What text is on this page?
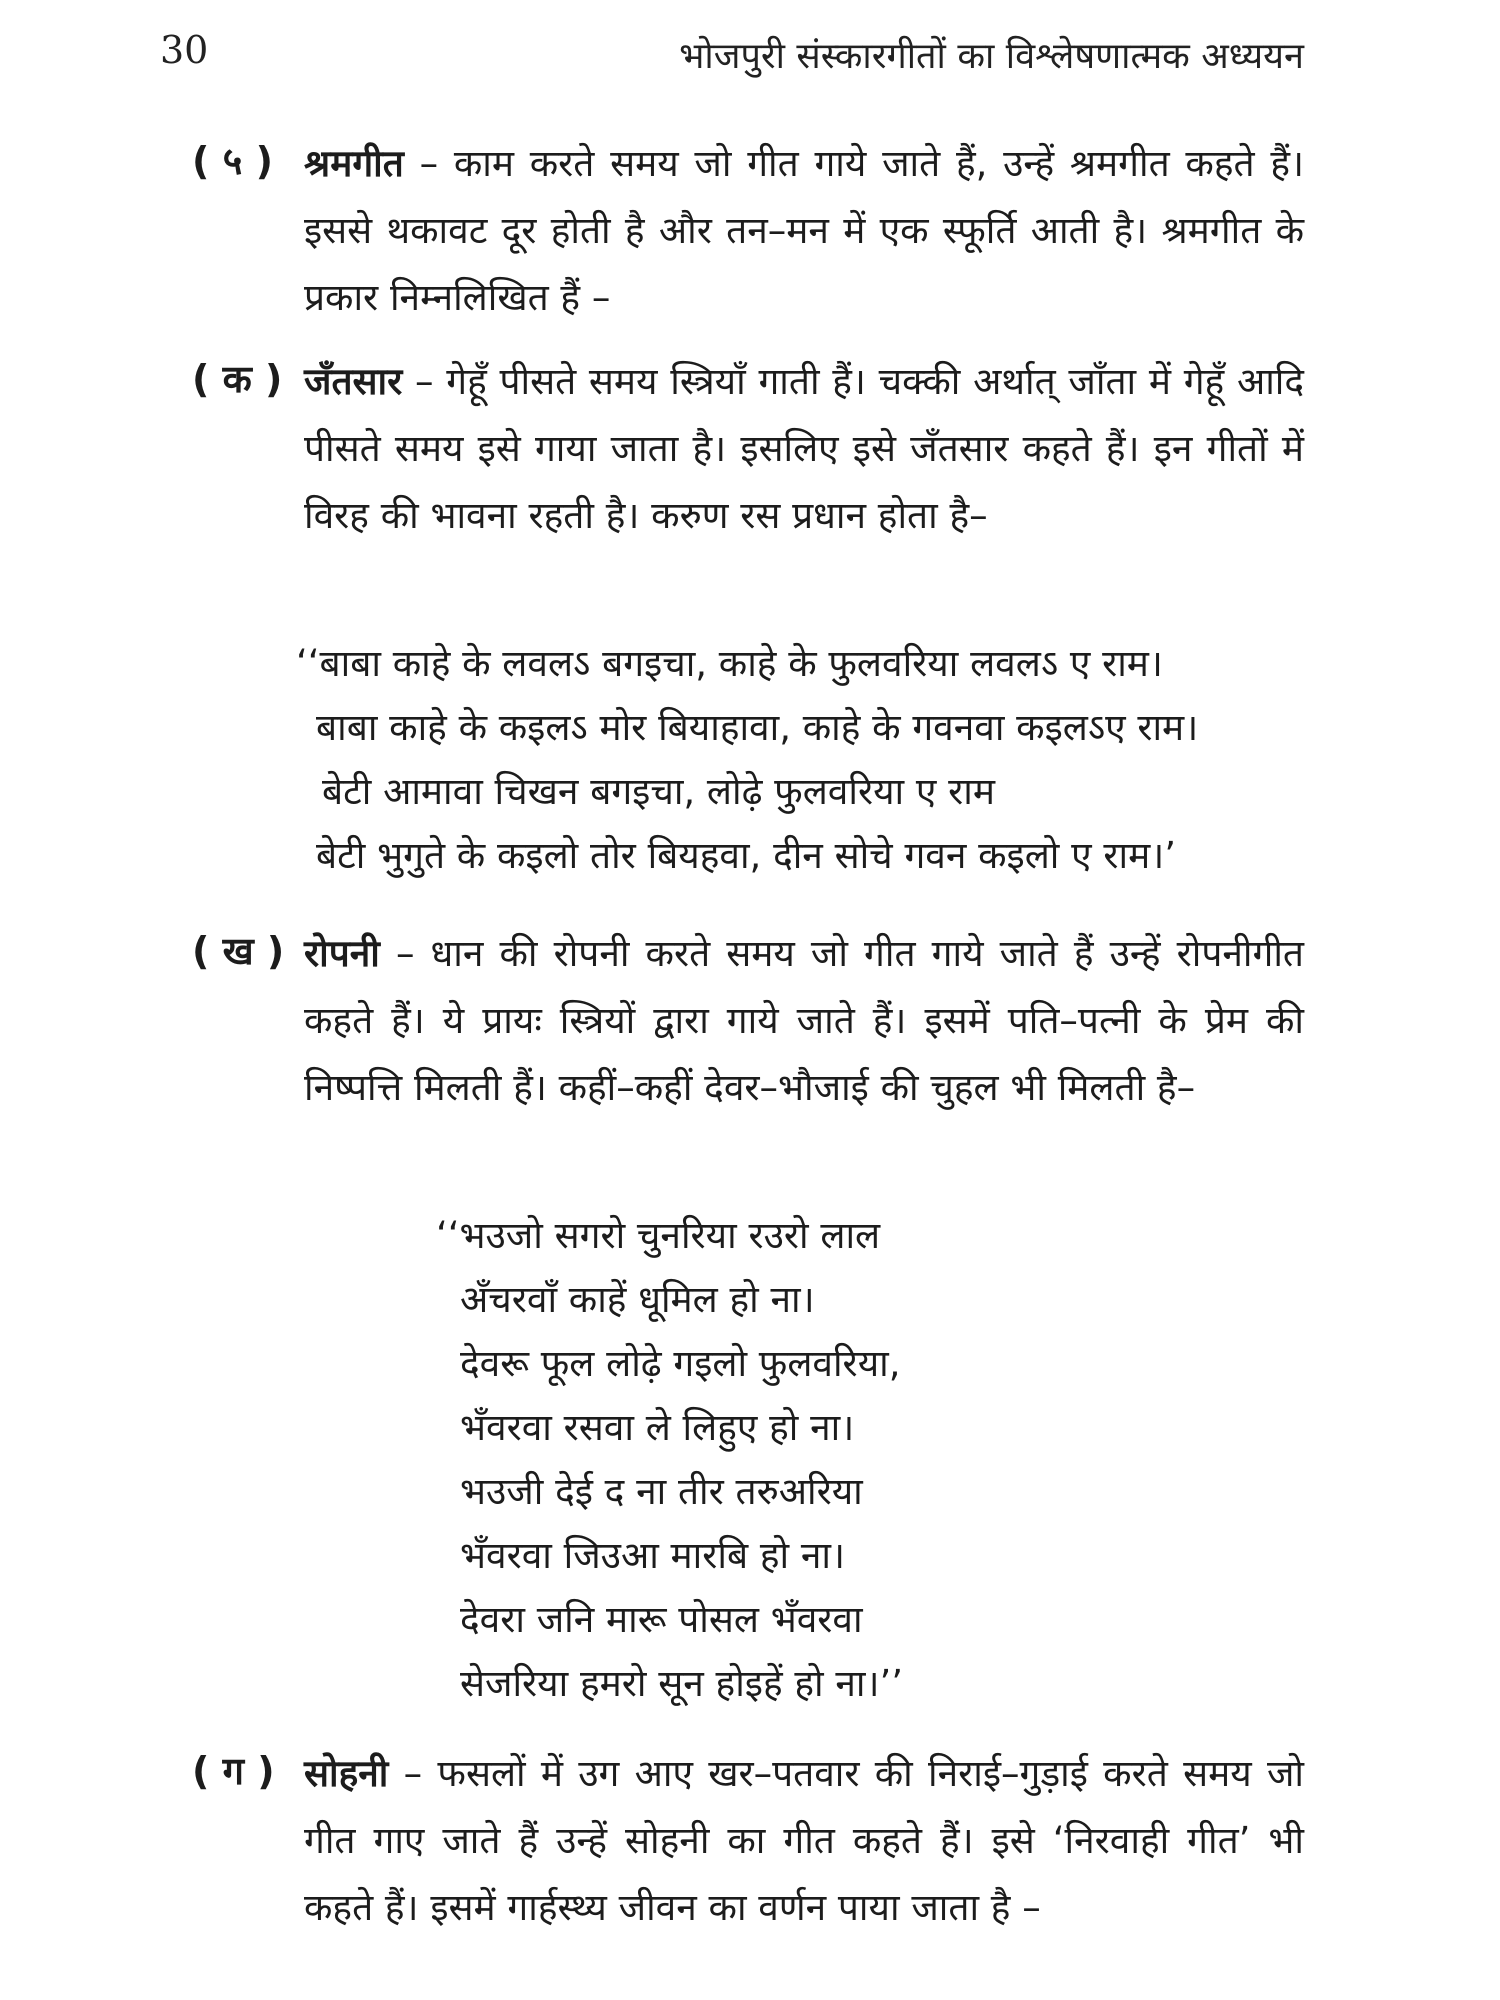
30	भोजपुरी संस्कारगीतों का विश्लेषणात्मक अध्ययन
( ५ ) श्रमगीत – काम करते समय जो गीत गाये जाते हैं, उन्हें श्रमगीत कहते हैं। इससे थकावट दूर होती है और तन–मन में एक स्फूर्ति आती है। श्रमगीत के प्रकार निम्नलिखित हैं –
( क ) जँतसार – गेहूँ पीसते समय स्त्रियाँ गाती हैं। चक्की अर्थात् जाँता में गेहूँ आदि पीसते समय इसे गाया जाता है। इसलिए इसे जँतसार कहते हैं। इन गीतों में विरह की भावना रहती है। करुण रस प्रधान होता है–
‘‘बाबा काहे के लवलऽ बगइचा, काहे के फुलवरिया लवलऽ ए राम।
बाबा काहे के कइलऽ मोर बियाहावा, काहे के गवनवा कइलऽए राम।
बेटी आमावा चिखन बगइचा, लोढ़े फुलवरिया ए राम
बेटी भुगुते के कइलो तोर बियहवा, दीन सोचे गवन कइलो ए राम।’
( ख ) रोपनी – धान की रोपनी करते समय जो गीत गाये जाते हैं उन्हें रोपनीगीत कहते हैं। ये प्रायः स्त्रियों द्वारा गाये जाते हैं। इसमें पति–पत्नी के प्रेम की निष्पत्ति मिलती हैं। कहीं–कहीं देवर–भौजाई की चुहल भी मिलती है–
‘‘भउजो सगरो चुनरिया रउरो लाल
अँचरवाँ काहें धूमिल हो ना।
देवरू फूल लोढ़े गइलो फुलवरिया,
भँवरवा रसवा ले लिहुए हो ना।
भउजी देई द ना तीर तरुअरिया
भँवरवा जिउआ मारबि हो ना।
देवरा जनि मारू पोसल भँवरवा
सेजरिया हमरो सून होइहें हो ना।’’
( ग ) सोहनी – फसलों में उग आए खर–पतवार की निराई–गुड़ाई करते समय जो गीत गाए जाते हैं उन्हें सोहनी का गीत कहते हैं। इसे ‘निरवाही गीत’ भी कहते हैं। इसमें गार्हस्थ्य जीवन का वर्णन पाया जाता है –
